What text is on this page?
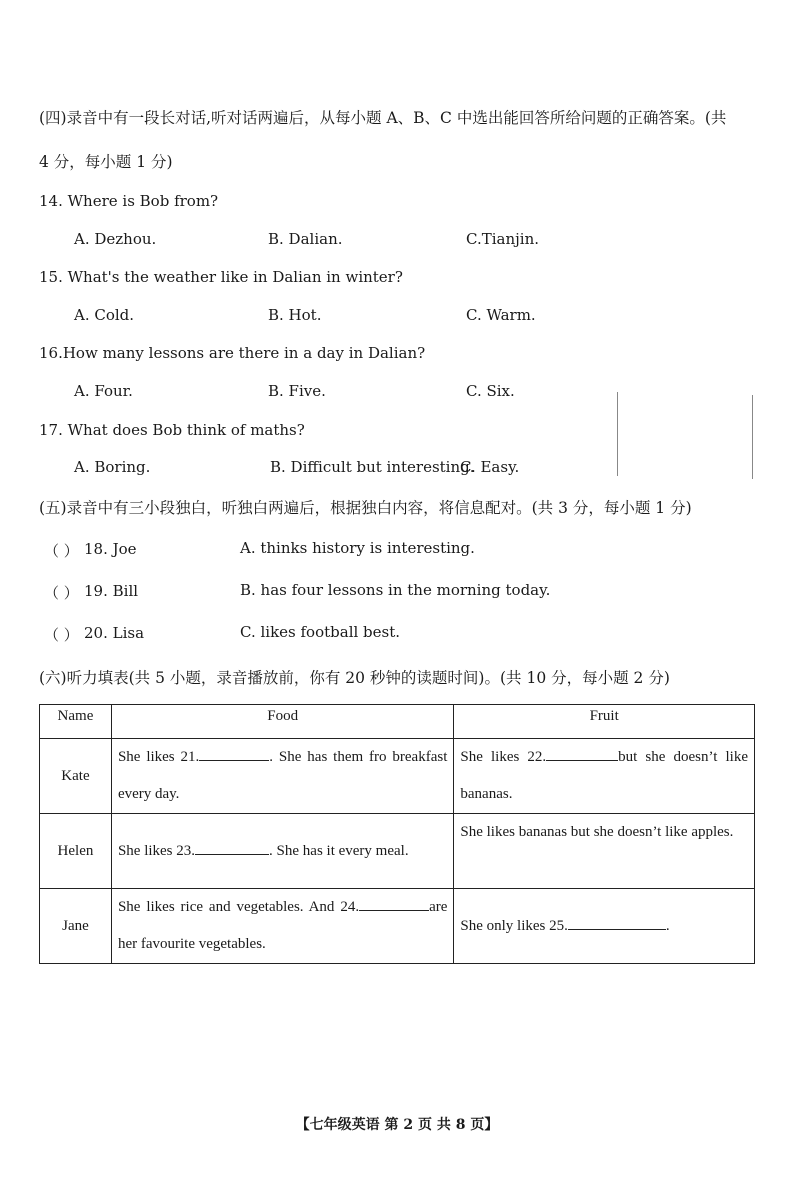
(四)录音中有一段长对话,听对话两遍后，从每小题 A、B、C 中选出能回答所给问题的正确答案。(共
4 分，每小题 1 分)
14. Where is Bob from?
A. Dezhou.	B. Dalian.	C.Tianjin.
15. What's the weather like in Dalian in winter?
A. Cold.	B. Hot.	C. Warm.
16.How many lessons are there in a day in Dalian?
A. Four.	B. Five.	C. Six.
17. What does Bob think of maths?
A. Boring.	B. Difficult but interesting.
C. Easy.
(五)录音中有三小段独白，听独白两遍后，根据独白内容，将信息配对。(共 3 分，每小题 1 分)
（ ） 18. Joe	A. thinks history is interesting.
（ ） 19. Bill	B. has four lessons in the morning today.
（ ） 20. Lisa	C. likes football best.
(六)听力填表(共 5 小题，录音播放前，你有 20 秒钟的读题时间)。(共 10 分，每小题 2 分)
Name	Food	Fruit
Kate	She likes 21. . She has them fro breakfast every day.	She likes 22. but she doesn’t like bananas.
Helen	She likes 23. . She has it every meal.	She likes bananas but she doesn’t like apples.
Jane	She likes rice and vegetables. And 24. are her favourite vegetables.	She only likes 25. .
【七年级英语 第 2 页 共 8 页】
